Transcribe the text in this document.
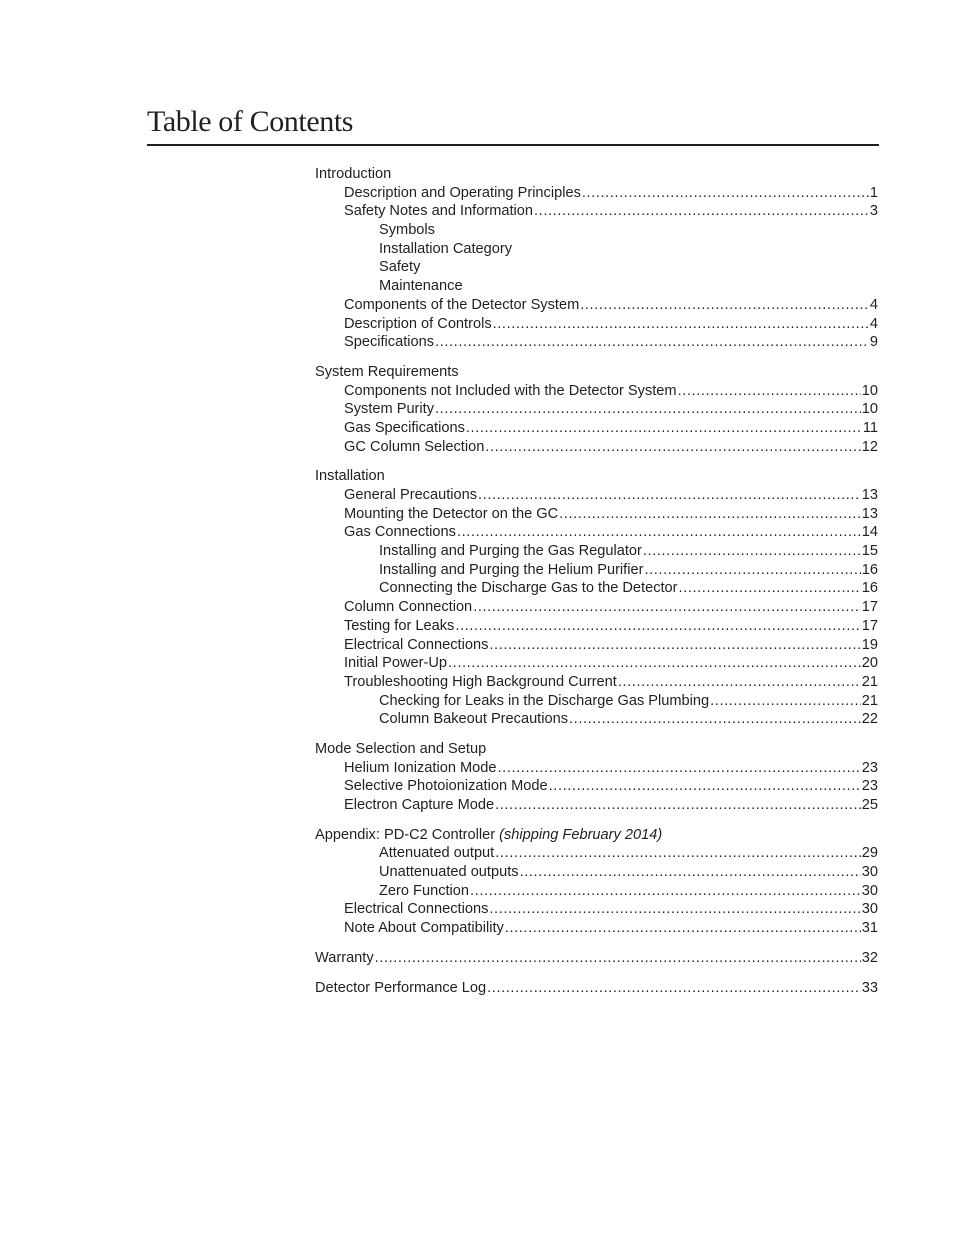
Table of Contents
Introduction
Description and Operating Principles .....	1
Safety Notes and Information .....	3
Symbols
Installation Category
Safety
Maintenance
Components of the Detector System .....	4
Description of Controls .....	4
Specifications .....	9
System Requirements
Components not Included with the Detector System .....	10
System Purity .....	10
Gas Specifications .....	11
GC Column Selection .....	12
Installation
General Precautions .....	13
Mounting the Detector on the GC .....	13
Gas Connections .....	14
Installing and Purging the Gas Regulator .....	15
Installing and Purging the Helium Purifier .....	16
Connecting the Discharge Gas to the Detector .....	16
Column Connection .....	17
Testing for Leaks .....	17
Electrical Connections .....	19
Initial Power-Up .....	20
Troubleshooting High Background Current .....	21
Checking for Leaks in the Discharge Gas Plumbing .....	21
Column Bakeout Precautions .....	22
Mode Selection and Setup
Helium Ionization Mode .....	23
Selective Photoionization Mode .....	23
Electron Capture Mode .....	25
Appendix: PD-C2 Controller (shipping February 2014)
Attenuated output .....	29
Unattenuated outputs .....	30
Zero Function .....	30
Electrical Connections .....	30
Note About Compatibility .....	31
Warranty .....	32
Detector Performance Log .....	33
